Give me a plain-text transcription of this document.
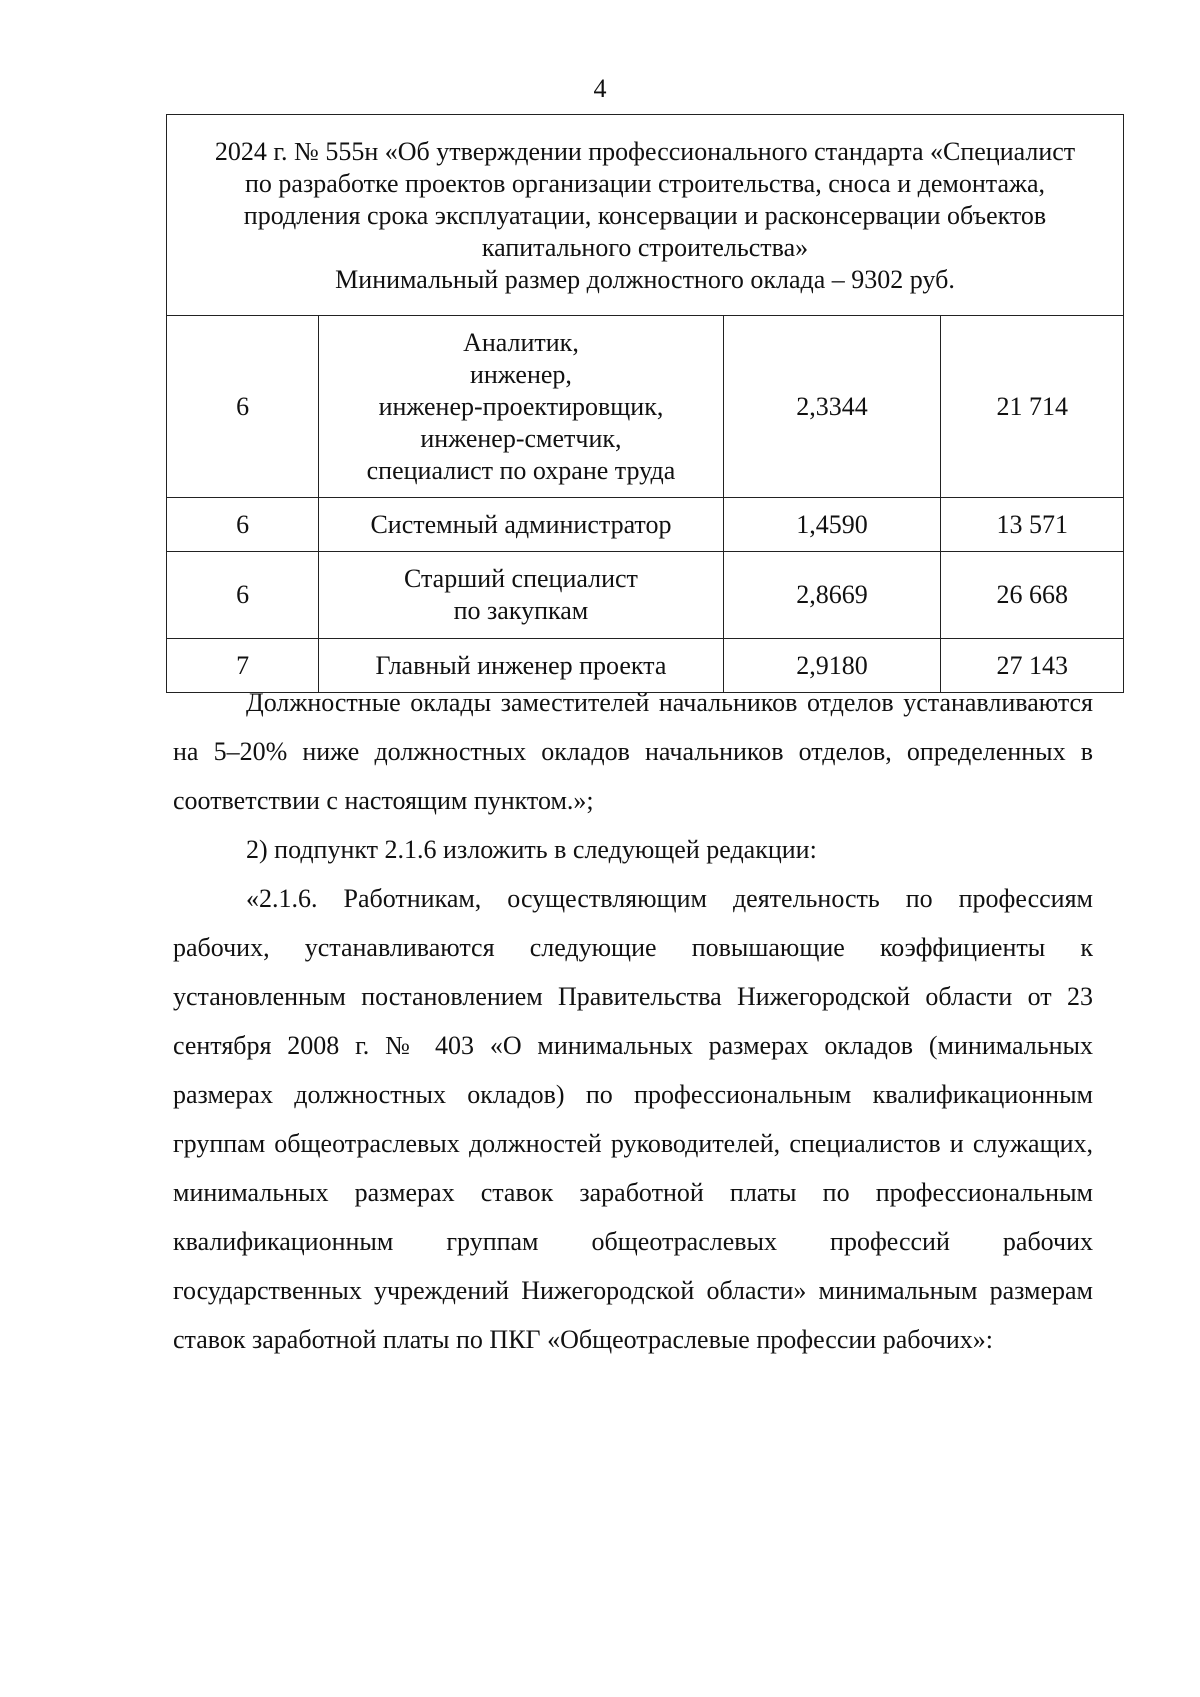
4
2024 г. № 555н «Об утверждении профессионального стандарта «Специалист
по разработке проектов организации строительства, сноса и демонтажа,
продления срока эксплуатации, консервации и расконсервации объектов
капитального строительства»
Минимальный размер должностного оклада – 9302 руб.			

6	Аналитик,
инженер,
инженер-проектировщик,
инженер-сметчик,
специалист по охране труда	2,3344	21 714
6	Системный администратор	1,4590	13 571
6	Старший специалист
по закупкам	2,8669	26 668
7	Главный инженер проекта	2,9180	27 143

Должностные оклады заместителей начальников отделов устанавливаются на 5–20% ниже должностных окладов начальников отделов, определенных в соответствии с настоящим пунктом.»;

2) подпункт 2.1.6 изложить в следующей редакции:

«2.1.6. Работникам, осуществляющим деятельность по профессиям рабочих, устанавливаются следующие повышающие коэффициенты к установленным постановлением Правительства Нижегородской области от 23 сентября 2008 г. № 403 «О минимальных размерах окладов (минимальных размерах должностных окладов) по профессиональным квалификационным группам общеотраслевых должностей руководителей, специалистов и служащих, минимальных размерах ставок заработной платы по профессиональным квалификационным группам общеотраслевых профессий рабочих государственных учреждений Нижегородской области» минимальным размерам ставок заработной платы по ПКГ «Общеотраслевые профессии рабочих»:
